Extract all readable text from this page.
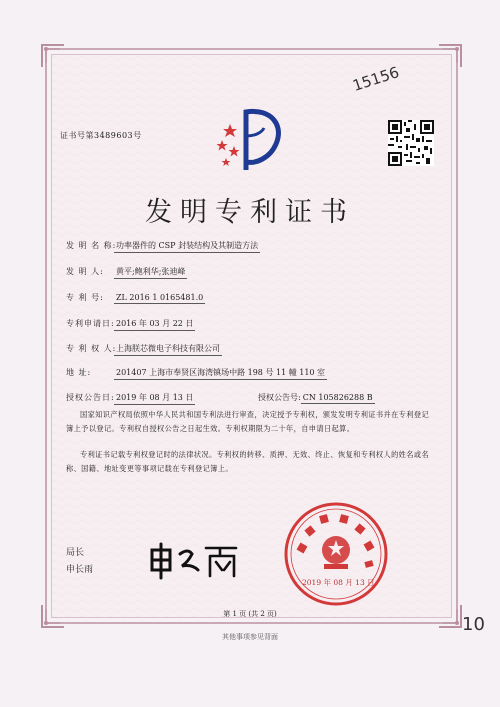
15156
证书号第3489603号
发明专利证书
发 明 名 称:功率器件的 CSP 封装结构及其制造方法
发 明 人: 黄平;鲍利华;张迪峰
专 利 号: ZL 2016 1 0165481.0
专利申请日:2016 年 03 月 22 日
专 利 权 人:上海朕芯微电子科技有限公司
地 址:	201407 上海市奉贤区海湾镇场中路 198 号 11 幢 110 室
授权公告日:2019 年 08 月 13 日	授权公告号: CN 105826288 B
国家知识产权局依照中华人民共和国专利法进行审查，决定授予专利权，颁发发明专利证书并在专利登记簿上予以登记。专利权自授权公告之日起生效。专利权期限为二十年，自申请日起算。
专利证书记载专利权登记时的法律状况。专利权的转移、质押、无效、终止、恢复和专利权人的姓名或名称、国籍、地址变更等事项记载在专利登记簿上。
局长
申长雨
2019 年 08 月 13 日
第 1 页 (共 2 页)
其他事项参见背面
10
